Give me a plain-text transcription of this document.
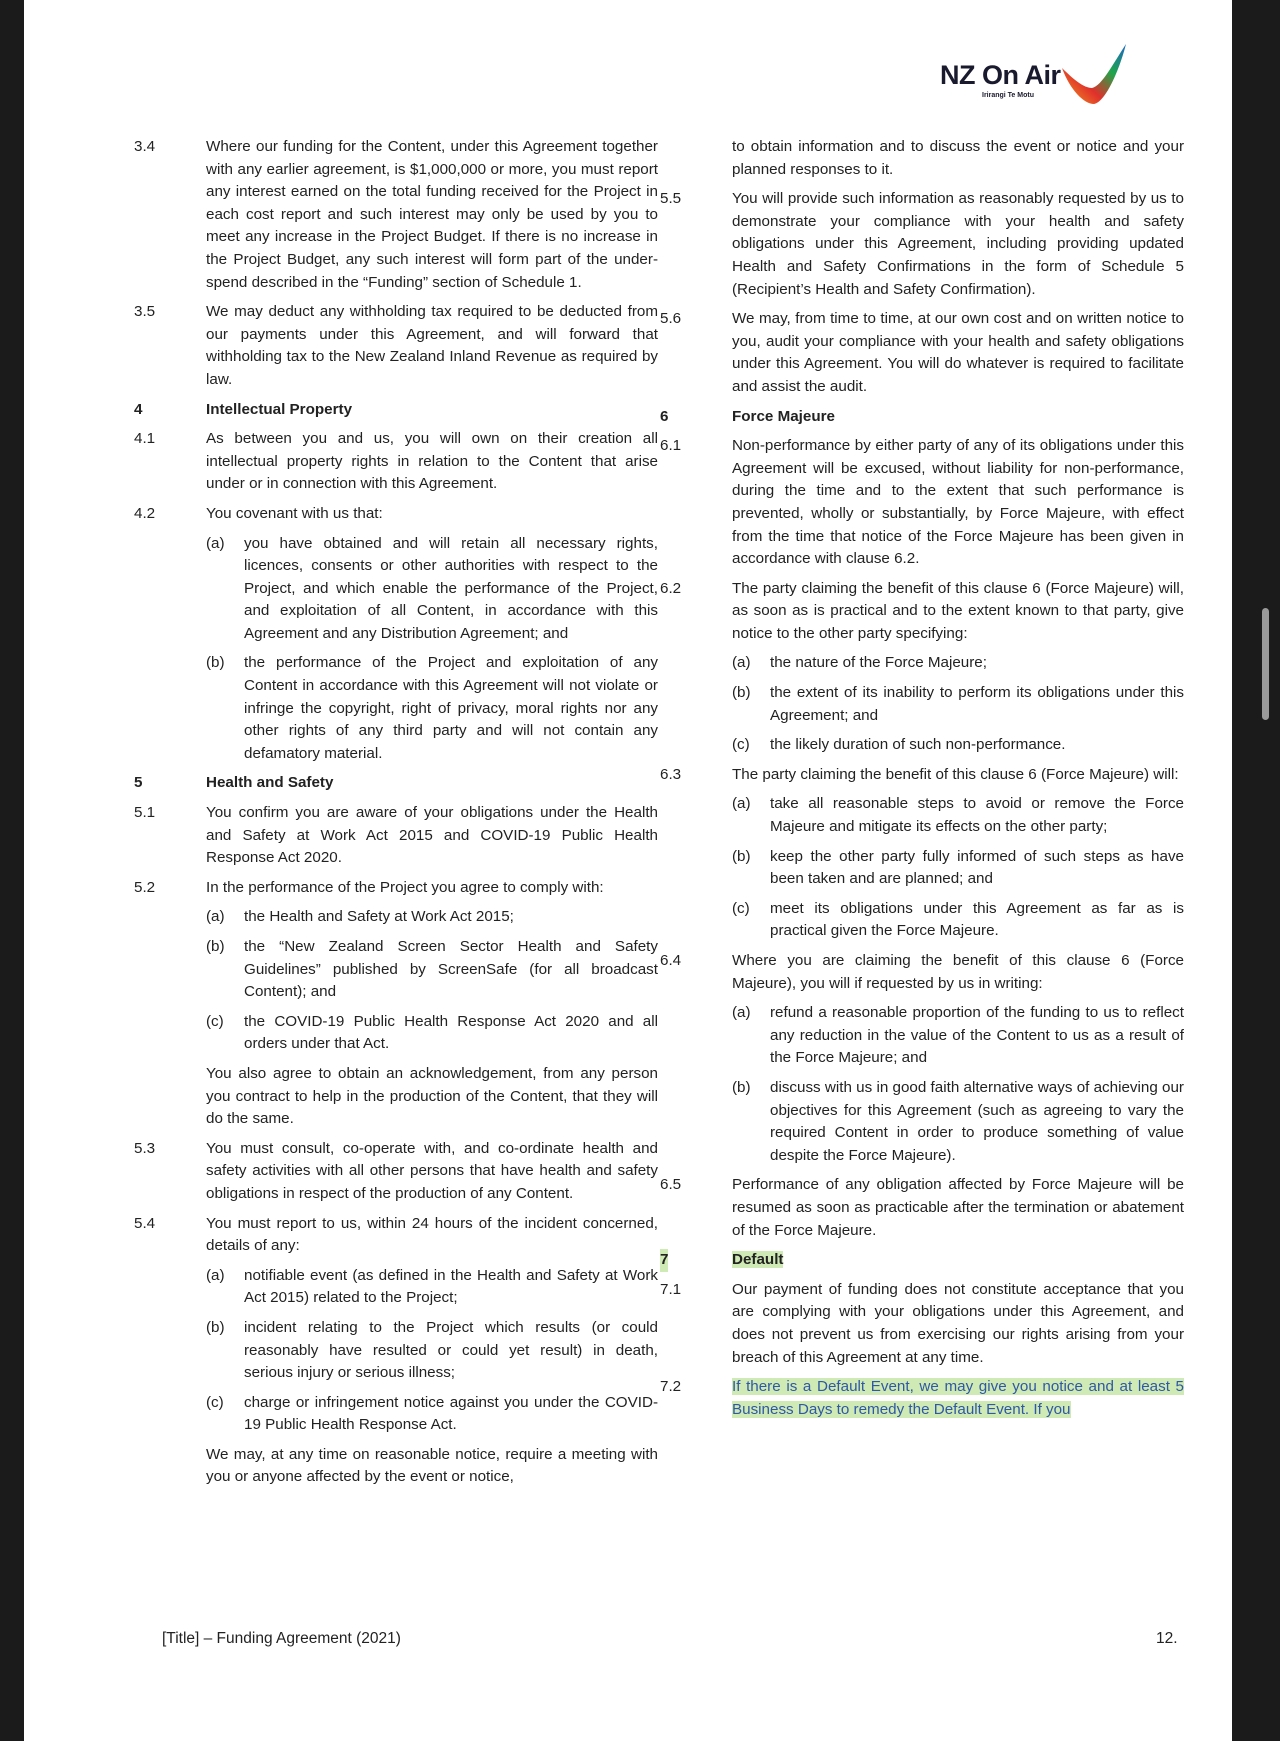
NZ On Air
Irirangi Te Motu
3.4	Where our funding for the Content, under this Agreement together with any earlier agreement, is $1,000,000 or more, you must report any interest earned on the total funding received for the Project in each cost report and such interest may only be used by you to meet any increase in the Project Budget. If there is no increase in the Project Budget, any such interest will form part of the under-spend described in the “Funding” section of Schedule 1.
3.5	We may deduct any withholding tax required to be deducted from our payments under this Agreement, and will forward that withholding tax to the New Zealand Inland Revenue as required by law.
4	Intellectual Property
4.1	As between you and us, you will own on their creation all intellectual property rights in relation to the Content that arise under or in connection with this Agreement.
4.2	You covenant with us that:
(a) you have obtained and will retain all necessary rights, licences, consents or other authorities with respect to the Project, and which enable the performance of the Project, and exploitation of all Content, in accordance with this Agreement and any Distribution Agreement; and
(b) the performance of the Project and exploitation of any Content in accordance with this Agreement will not violate or infringe the copyright, right of privacy, moral rights nor any other rights of any third party and will not contain any defamatory material.
5	Health and Safety
5.1	You confirm you are aware of your obligations under the Health and Safety at Work Act 2015 and COVID-19 Public Health Response Act 2020.
5.2	In the performance of the Project you agree to comply with:
(a) the Health and Safety at Work Act 2015;
(b) the “New Zealand Screen Sector Health and Safety Guidelines” published by ScreenSafe (for all broadcast Content); and
(c) the COVID-19 Public Health Response Act 2020 and all orders under that Act.
You also agree to obtain an acknowledgement, from any person you contract to help in the production of the Content, that they will do the same.
5.3	You must consult, co-operate with, and co-ordinate health and safety activities with all other persons that have health and safety obligations in respect of the production of any Content.
5.4	You must report to us, within 24 hours of the incident concerned, details of any:
(a) notifiable event (as defined in the Health and Safety at Work Act 2015) related to the Project;
(b) incident relating to the Project which results (or could reasonably have resulted or could yet result) in death, serious injury or serious illness;
(c) charge or infringement notice against you under the COVID-19 Public Health Response Act.
We may, at any time on reasonable notice, require a meeting with you or anyone affected by the event or notice,
to obtain information and to discuss the event or notice and your planned responses to it.
5.5	You will provide such information as reasonably requested by us to demonstrate your compliance with your health and safety obligations under this Agreement, including providing updated Health and Safety Confirmations in the form of Schedule 5 (Recipient’s Health and Safety Confirmation).
5.6	We may, from time to time, at our own cost and on written notice to you, audit your compliance with your health and safety obligations under this Agreement. You will do whatever is required to facilitate and assist the audit.
6	Force Majeure
6.1	Non-performance by either party of any of its obligations under this Agreement will be excused, without liability for non-performance, during the time and to the extent that such performance is prevented, wholly or substantially, by Force Majeure, with effect from the time that notice of the Force Majeure has been given in accordance with clause 6.2.
6.2	The party claiming the benefit of this clause 6 (Force Majeure) will, as soon as is practical and to the extent known to that party, give notice to the other party specifying:
(a) the nature of the Force Majeure;
(b) the extent of its inability to perform its obligations under this Agreement; and
(c) the likely duration of such non-performance.
6.3	The party claiming the benefit of this clause 6 (Force Majeure) will:
(a) take all reasonable steps to avoid or remove the Force Majeure and mitigate its effects on the other party;
(b) keep the other party fully informed of such steps as have been taken and are planned; and
(c) meet its obligations under this Agreement as far as is practical given the Force Majeure.
6.4	Where you are claiming the benefit of this clause 6 (Force Majeure), you will if requested by us in writing:
(a) refund a reasonable proportion of the funding to us to reflect any reduction in the value of the Content to us as a result of the Force Majeure; and
(b) discuss with us in good faith alternative ways of achieving our objectives for this Agreement (such as agreeing to vary the required Content in order to produce something of value despite the Force Majeure).
6.5	Performance of any obligation affected by Force Majeure will be resumed as soon as practicable after the termination or abatement of the Force Majeure.
7	Default
7.1	Our payment of funding does not constitute acceptance that you are complying with your obligations under this Agreement, and does not prevent us from exercising our rights arising from your breach of this Agreement at any time.
7.2	If there is a Default Event, we may give you notice and at least 5 Business Days to remedy the Default Event. If you
[Title] – Funding Agreement (2021)	12.
